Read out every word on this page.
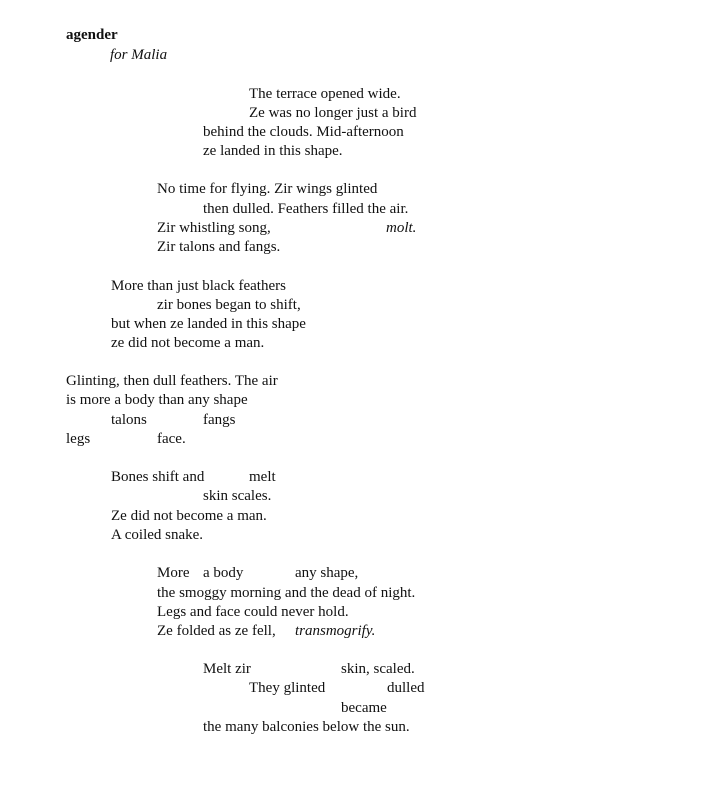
agender
for Malia
The terrace opened wide.
Ze was no longer just a bird
behind the clouds. Mid-afternoon
ze landed in this shape.
No time for flying. Zir wings glinted
then dulled. Feathers filled the air.
Zir whistling song,	molt.
Zir talons and fangs.
More than just black feathers
zir bones began to shift,
but when ze landed in this shape
ze did not become a man.
Glinting, then dull feathers. The air
is more a body than any shape
talons	fangs
legs	face.
Bones shift and	melt
skin scales.
Ze did not become a man.
A coiled snake.
More a body	any shape,
the smoggy morning and the dead of night.
Legs and face could never hold.
Ze folded as ze fell, transmogrify.
Melt zir	skin, scaled.
They glinted	dulled
became
the many balconies below the sun.
